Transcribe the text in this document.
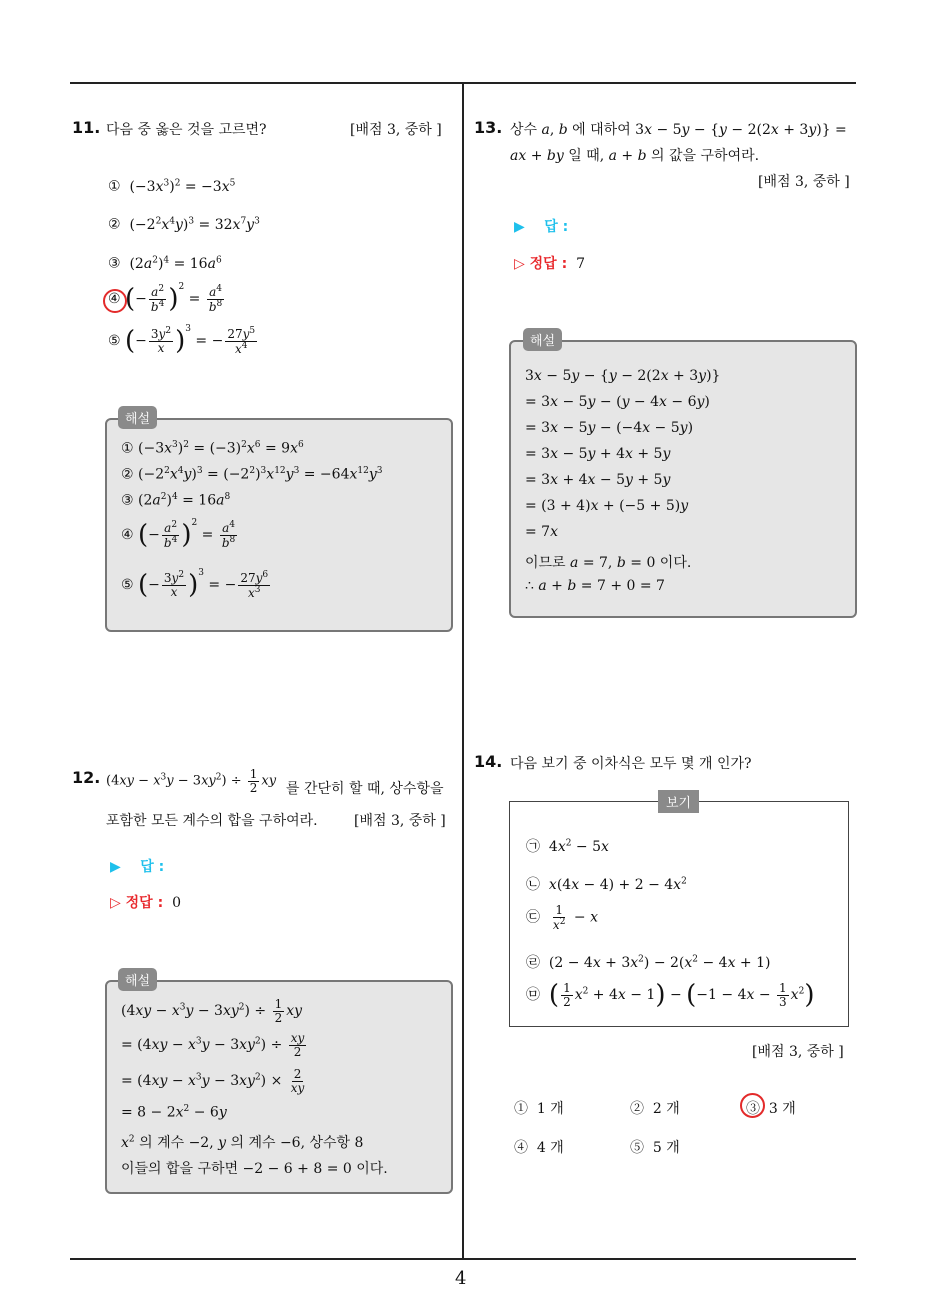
4
11. 다음 중 옳은 것을 고르면?	[배점 3, 중하 ]
① $(-3x^3)^2 = -3x^5$
② $(-2^2x^4y)^3 = 32x^7y^3$
③ $(2a^2)^4 = 16a^6$
④ (− $\frac{a^2}{b^4} )^2 = \frac{a^4}{b^8}$
⑤ (− $\frac{3y^2}{x} )^3$ = − $\frac{27y^5}{x^4}$
① $(-3x^3)^2 = (-3)^2x^6 = 9x^6$
② $(-2^2x^4y)^3 = (-2^2)^3x^{12}y^3 = -64x^{12}y^3$
③ $(2a^2)^4 = 16a^8$
④ (− $\frac{a^2}{b^4} )^2 = \frac{a^4}{b^8}$
⑤ (− $\frac{3y^2}{x} )^3$ = − $\frac{27y^6}{x^3}$
해설
12. $(4xy - x^3y - 3xy^2) \div \frac{1}{2}$ xy 를 간단히 할 때, 상수항을
포함한 모든 계수의 합을 구하여라.	[배점 3, 중하 ]
▶ 답 :
▷ 정답 : 0
$(4xy - x^3y - 3xy^2) \div \frac{1}{2}$ xy
= $(4xy - x^3y - 3xy^2) \div \frac{xy}{2}$
= $(4xy - x^3y - 3xy^2) \times \frac{2}{xy}$
= $8 - 2x^2 - 6y$
$x^2$ 의 계수 −2, y 의 계수 −6, 상수항 8
이들의 합을 구하면 −2 − 6 + 8 = 0 이다.
해설
13. 상수 a, b 에 대하여 3x − 5y − {y − 2(2x + 3y)} =
ax + by 일 때, a + b 의 값을 구하여라.
[배점 3, 중하 ]
▶ 답 :
▷ 정답 : 7
3x − 5y − {y − 2(2x + 3y)}
= 3x − 5y − (y − 4x − 6y)
= 3x − 5y − (−4x − 5y)
= 3x − 5y + 4x + 5y
= 3x + 4x − 5y + 5y
= (3 + 4)x + (−5 + 5)y
= 7x
이므로 a = 7, b = 0 이다.
∴ a + b = 7 + 0 = 7
해설
14. 다음 보기 중 이차식은 모두 몇 개 인가?
㉠  $4x^2 - 5x$
㉡  $x(4x - 4) + 2 - 4x^2$
㉢ $\frac{1}{x^2} - x$
㉣  $(2 - 4x + 3x^2) - 2(x^2 - 4x + 1)$
㉤  ( $\frac{1}{2} x^2 + 4x - 1) - (-1 - 4x - \frac{1}{3} x^2)$
보기
[배점 3, 중하 ]
① 1 개	② 2 개	③ 3 개
④ 4 개	⑤ 5 개
